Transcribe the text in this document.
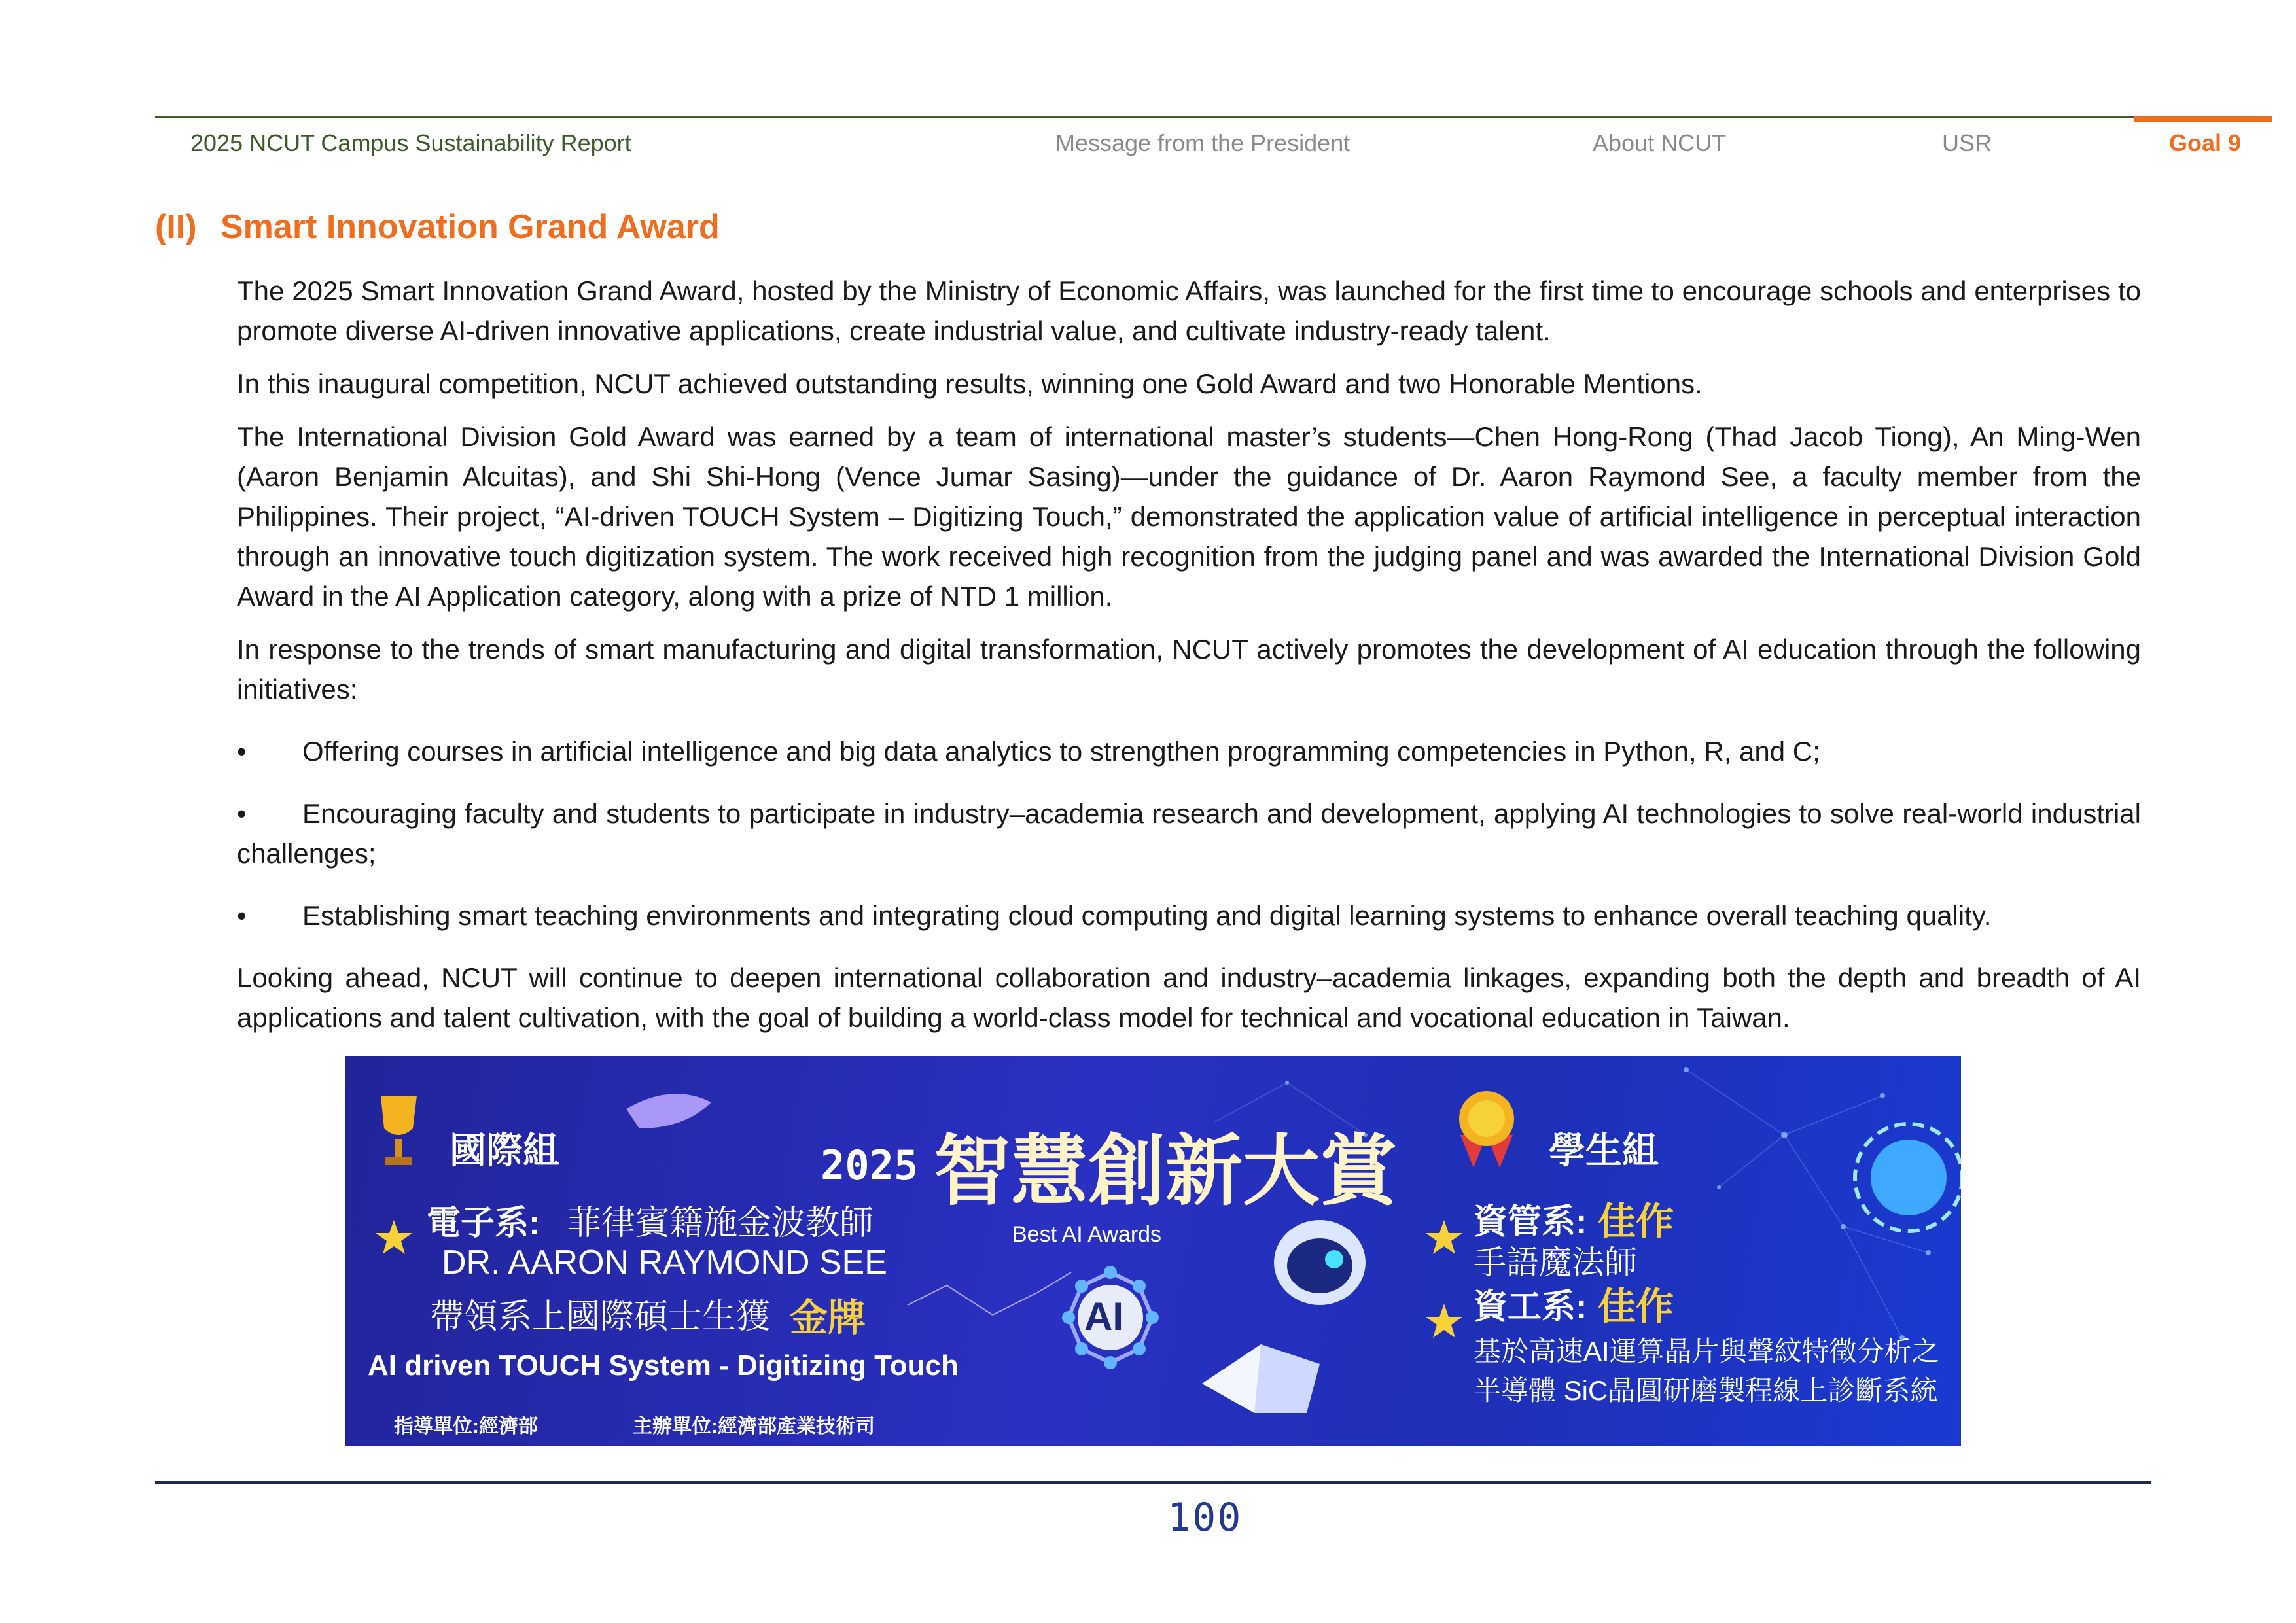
2025 NCUT Campus Sustainability Report	Message from the President	About NCUT	USR	Goal 9
(II) Smart Innovation Grand Award

The 2025 Smart Innovation Grand Award, hosted by the Ministry of Economic Affairs, was launched for the first time to encourage schools and enterprises to promote diverse AI-driven innovative applications, create industrial value, and cultivate industry-ready talent.

In this inaugural competition, NCUT achieved outstanding results, winning one Gold Award and two Honorable Mentions.

The International Division Gold Award was earned by a team of international master’s students—Chen Hong-Rong (Thad Jacob Tiong), An Ming-Wen (Aaron Benjamin Alcuitas), and Shi Shi-Hong (Vence Jumar Sasing)—under the guidance of Dr. Aaron Raymond See, a faculty member from the Philippines. Their project, “AI-driven TOUCH System – Digitizing Touch,” demonstrated the application value of artificial intelligence in perceptual interaction through an innovative touch digitization system. The work received high recognition from the judging panel and was awarded the International Division Gold Award in the AI Application category, along with a prize of NTD 1 million.

In response to the trends of smart manufacturing and digital transformation, NCUT actively promotes the development of AI education through the following initiatives:

• Offering courses in artificial intelligence and big data analytics to strengthen programming competencies in Python, R, and C;
• Encouraging faculty and students to participate in industry–academia research and development, applying AI technologies to solve real-world industrial challenges;
• Establishing smart teaching environments and integrating cloud computing and digital learning systems to enhance overall teaching quality.

Looking ahead, NCUT will continue to deepen international collaboration and industry–academia linkages, expanding both the depth and breadth of AI applications and talent cultivation, with the goal of building a world-class model for technical and vocational education in Taiwan.

國際組	2025 智慧創新大賞
Best AI Awards
AI
電子系: 菲律賓籍施金波教師
DR. AARON RAYMOND SEE
帶領系上國際碩士生獲 金牌
AI driven TOUCH System - Digitizing Touch
指導單位:經濟部	主辦單位:經濟部產業技術司
學生組
資管系: 佳作
手語魔法師
資工系: 佳作
基於高速AI運算晶片與聲紋特徵分析之
半導體 SiC晶圓研磨製程線上診斷系統
100
